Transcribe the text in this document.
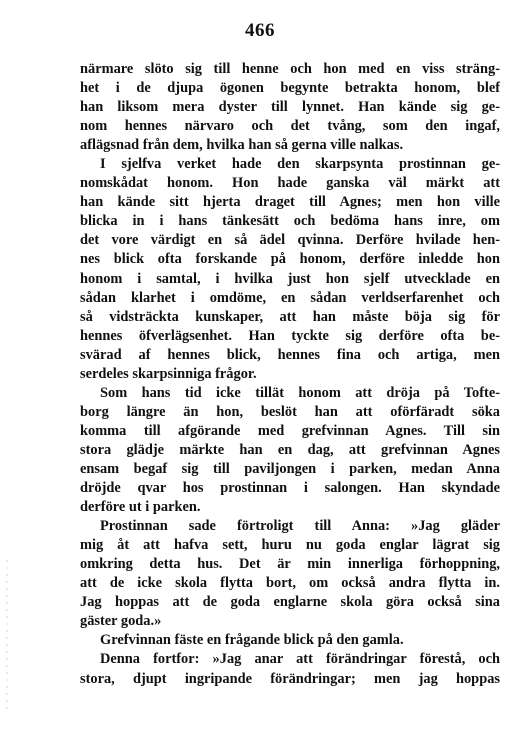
466
närmare slöto sig till henne och hon med en viss sträng-
het i de djupa ögonen begynte betrakta honom, blef
han liksom mera dyster till lynnet. Han kände sig ge-
nom hennes närvaro och det tvång, som den ingaf,
aflägsnad från dem, hvilka han så gerna ville nalkas.
I sjelfva verket hade den skarpsynta prostinnan ge-
nomskådat honom. Hon hade ganska väl märkt att
han kände sitt hjerta draget till Agnes; men hon ville
blicka in i hans tänkesätt och bedöma hans inre, om
det vore värdigt en så ädel qvinna. Derföre hvilade hen-
nes blick ofta forskande på honom, derföre inledde hon
honom i samtal, i hvilka just hon sjelf utvecklade en
sådan klarhet i omdöme, en sådan verldserfarenhet och
så vidsträckta kunskaper, att han måste böja sig för
hennes öfverlägsenhet. Han tyckte sig derföre ofta be-
svärad af hennes blick, hennes fina och artiga, men
serdeles skarpsinniga frågor.
Som hans tid icke tillät honom att dröja på Tofte-
borg längre än hon, beslöt han att oförfäradt söka
komma till afgörande med grefvinnan Agnes. Till sin
stora glädje märkte han en dag, att grefvinnan Agnes
ensam begaf sig till paviljongen i parken, medan Anna
dröjde qvar hos prostinnan i salongen. Han skyndade
derföre ut i parken.
Prostinnan sade förtroligt till Anna: »Jag gläder
mig åt att hafva sett, huru nu goda englar lägrat sig
omkring detta hus. Det är min innerliga förhoppning,
att de icke skola flytta bort, om också andra flytta in.
Jag hoppas att de goda englarne skola göra också sina
gäster goda.»
Grefvinnan fäste en frågande blick på den gamla.
Denna fortfor: »Jag anar att förändringar förestå, och
stora, djupt ingripande förändringar; men jag hoppas
